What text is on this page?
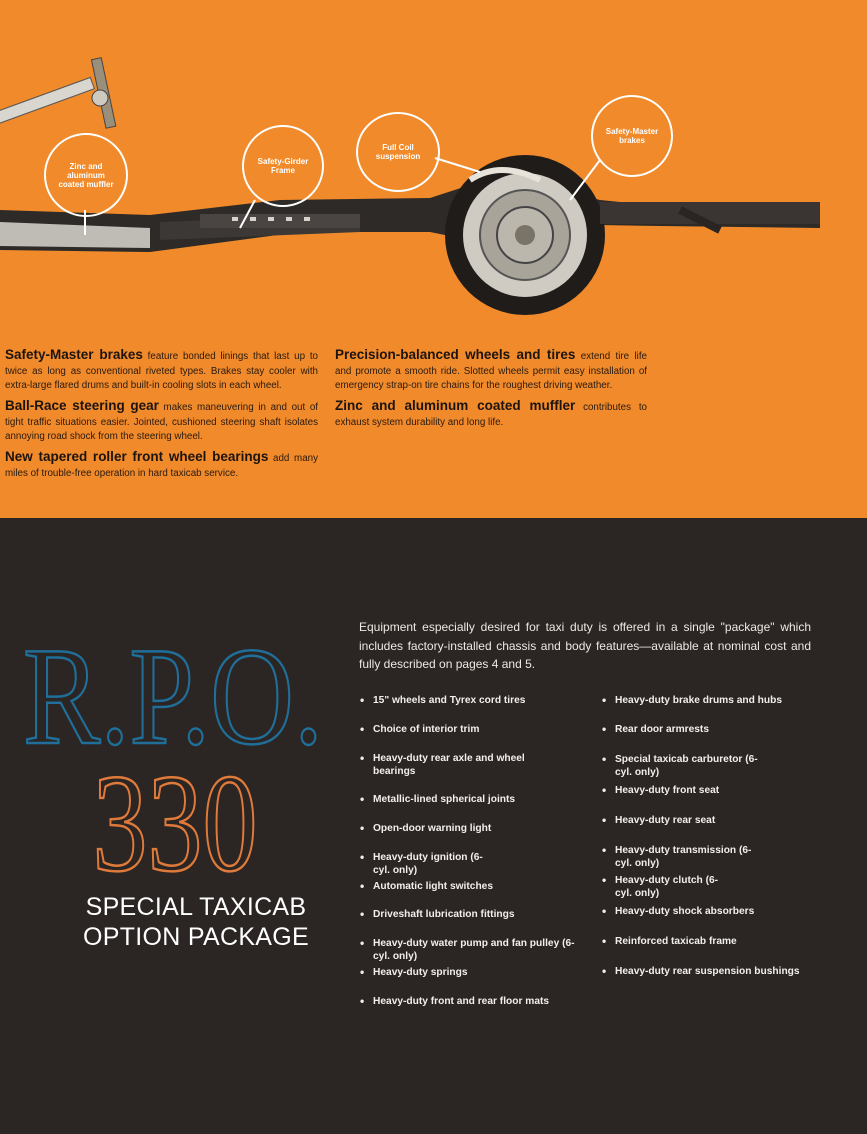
Zinc and aluminum coated muffler
Safety-Girder Frame
Full Coil suspension
Safety-Master brakes
Safety-Master brakes feature bonded linings that last up to twice as long as conventional riveted types. Brakes stay cooler with extra-large flared drums and built-in cooling slots in each wheel.
Ball-Race steering gear makes maneuvering in and out of tight traffic situations easier. Jointed, cushioned steering shaft isolates annoying road shock from the steering wheel.
New tapered roller front wheel bearings add many miles of trouble-free operation in hard taxicab service.
Precision-balanced wheels and tires extend tire life and promote a smooth ride. Slotted wheels permit easy installation of emergency strap-on tire chains for the roughest driving weather.
Zinc and aluminum coated muffler contributes to exhaust system durability and long life.
R.P.O.
330
SPECIAL TAXICAB
OPTION PACKAGE
Equipment especially desired for taxi duty is offered in a single "package" which includes factory-installed chassis and body features—available at nominal cost and fully described on pages 4 and 5.
• 15" wheels and Tyrex cord tires
• Choice of interior trim
• Heavy-duty rear axle and wheel bearings
• Metallic-lined spherical joints
• Open-door warning light
• Heavy-duty ignition (6-cyl. only)
• Automatic light switches
• Driveshaft lubrication fittings
• Heavy-duty water pump and fan pulley (6-cyl. only)
• Heavy-duty springs
• Heavy-duty front and rear floor mats
• Heavy-duty brake drums and hubs
• Rear door armrests
• Special taxicab carburetor (6-cyl. only)
• Heavy-duty front seat
• Heavy-duty rear seat
• Heavy-duty transmission (6-cyl. only)
• Heavy-duty clutch (6-cyl. only)
• Heavy-duty shock absorbers
• Reinforced taxicab frame
• Heavy-duty rear suspension bushings
